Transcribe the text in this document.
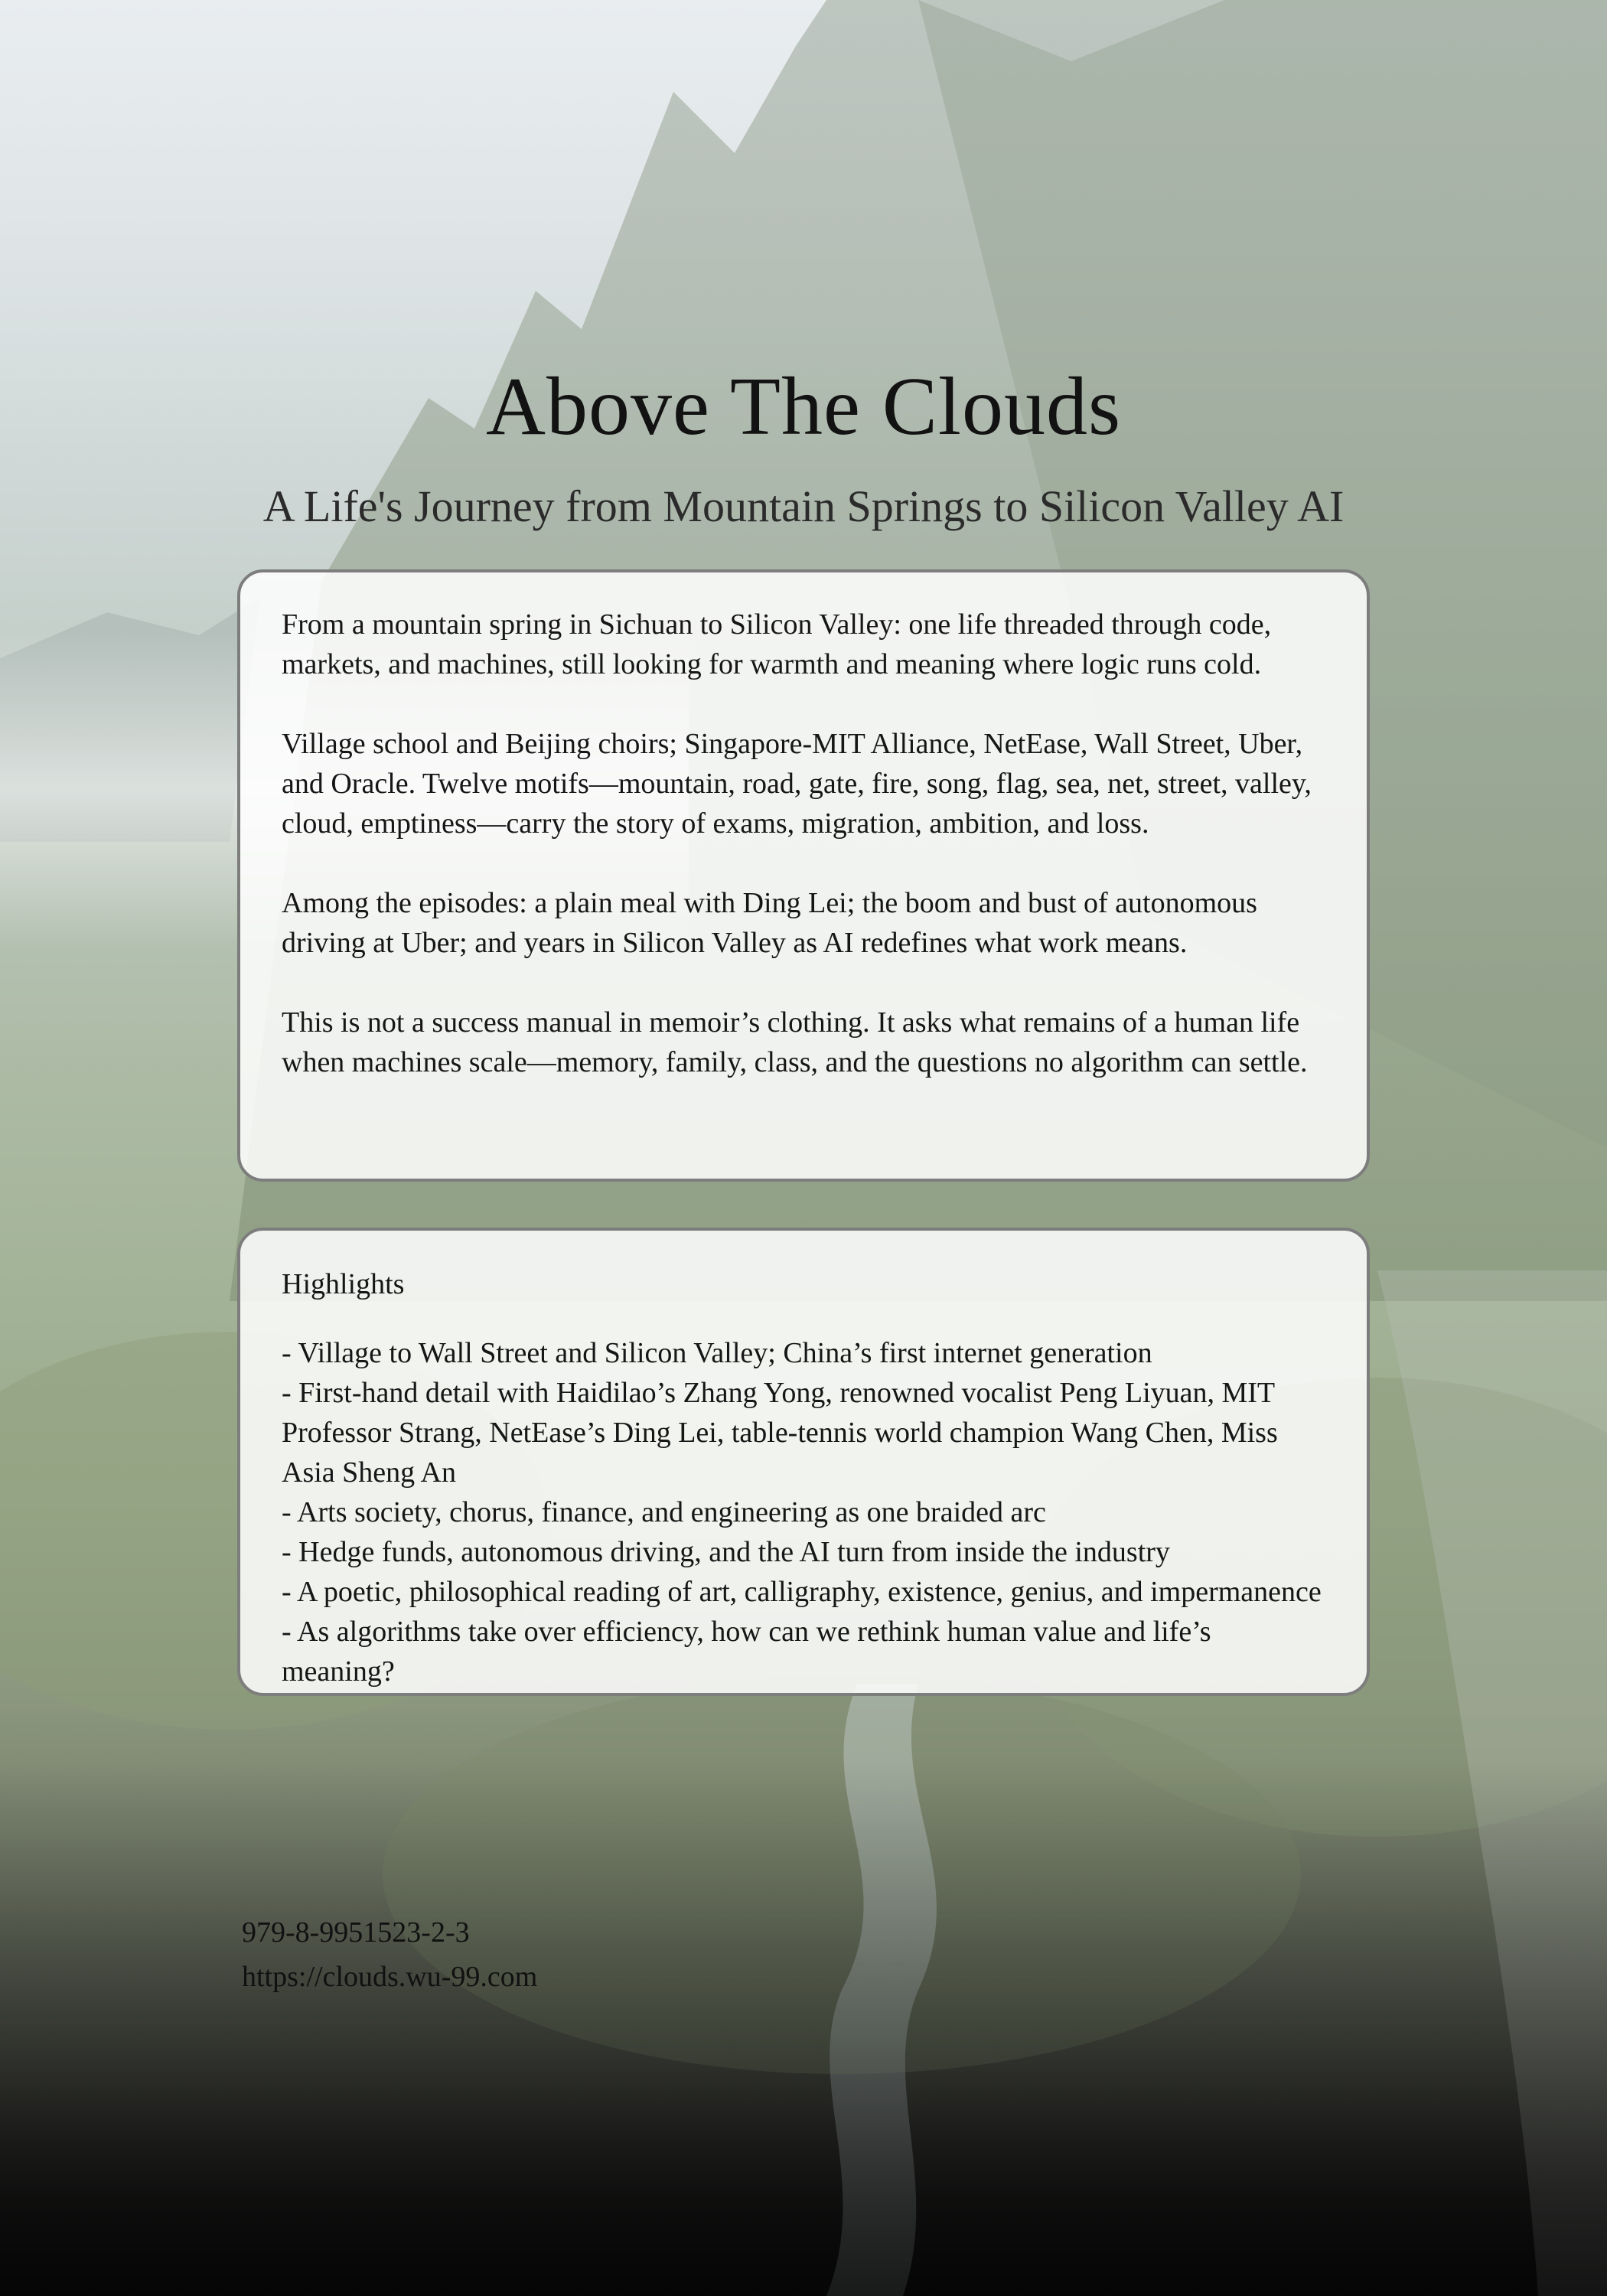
Above The Clouds
A Life's Journey from Mountain Springs to Silicon Valley AI

From a mountain spring in Sichuan to Silicon Valley: one life threaded through code, markets, and machines, still looking for warmth and meaning where logic runs cold.

Village school and Beijing choirs; Singapore-MIT Alliance, NetEase, Wall Street, Uber, and Oracle. Twelve motifs—mountain, road, gate, fire, song, flag, sea, net, street, valley, cloud, emptiness—carry the story of exams, migration, ambition, and loss.

Among the episodes: a plain meal with Ding Lei; the boom and bust of autonomous driving at Uber; and years in Silicon Valley as AI redefines what work means.

This is not a success manual in memoir’s clothing. It asks what remains of a human life when machines scale—memory, family, class, and the questions no algorithm can settle.

Highlights
- Village to Wall Street and Silicon Valley; China’s first internet generation
- First-hand detail with Haidilao’s Zhang Yong, renowned vocalist Peng Liyuan, MIT Professor Strang, NetEase’s Ding Lei, table-tennis world champion Wang Chen, Miss Asia Sheng An
- Arts society, chorus, finance, and engineering as one braided arc
- Hedge funds, autonomous driving, and the AI turn from inside the industry
- A poetic, philosophical reading of art, calligraphy, existence, genius, and impermanence
- As algorithms take over efficiency, how can we rethink human value and life’s meaning?
979-8-9951523-2-3
https://clouds.wu-99.com
